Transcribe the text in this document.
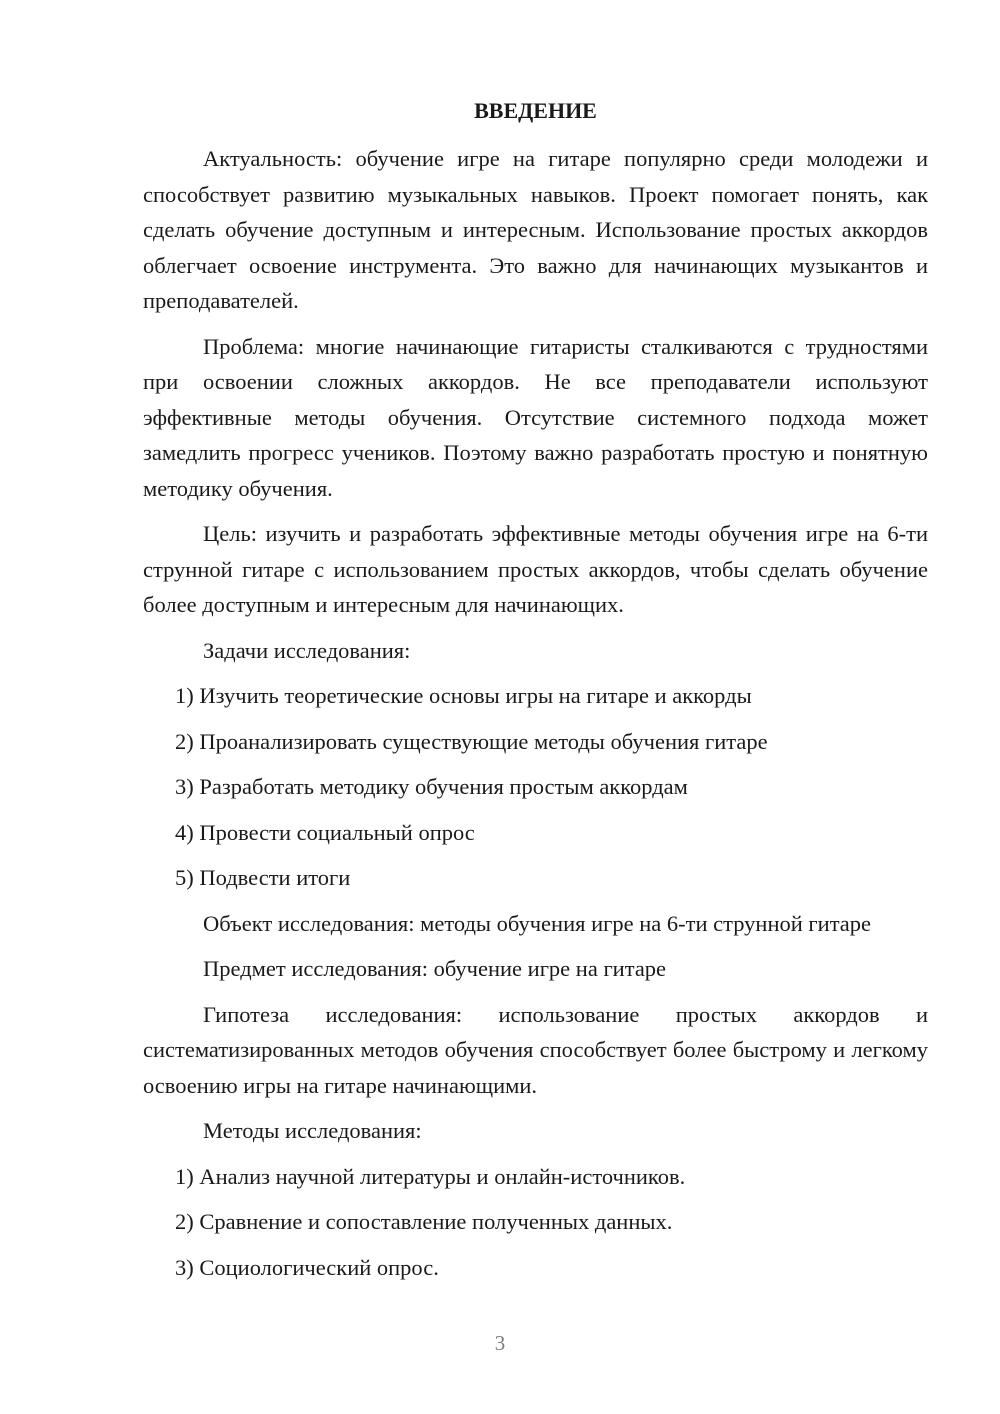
ВВЕДЕНИЕ

Актуальность: обучение игре на гитаре популярно среди молодежи и способствует развитию музыкальных навыков. Проект помогает понять, как сделать обучение доступным и интересным. Использование простых аккордов облегчает освоение инструмента. Это важно для начинающих музыкантов и преподавателей.

Проблема: многие начинающие гитаристы сталкиваются с трудностями при освоении сложных аккордов. Не все преподаватели используют эффективные методы обучения. Отсутствие системного подхода может замедлить прогресс учеников. Поэтому важно разработать простую и понятную методику обучения.

Цель: изучить и разработать эффективные методы обучения игре на 6-ти струнной гитаре с использованием простых аккордов, чтобы сделать обучение более доступным и интересным для начинающих.

Задачи исследования:
1) Изучить теоретические основы игры на гитаре и аккорды
2) Проанализировать существующие методы обучения гитаре
3) Разработать методику обучения простым аккордам
4) Провести социальный опрос
5) Подвести итоги

Объект исследования: методы обучения игре на 6-ти струнной гитаре

Предмет исследования: обучение игре на гитаре

Гипотеза исследования: использование простых аккордов и систематизированных методов обучения способствует более быстрому и легкому освоению игры на гитаре начинающими.

Методы исследования:
1) Анализ научной литературы и онлайн-источников.
2) Сравнение и сопоставление полученных данных.
3) Социологический опрос.
3
